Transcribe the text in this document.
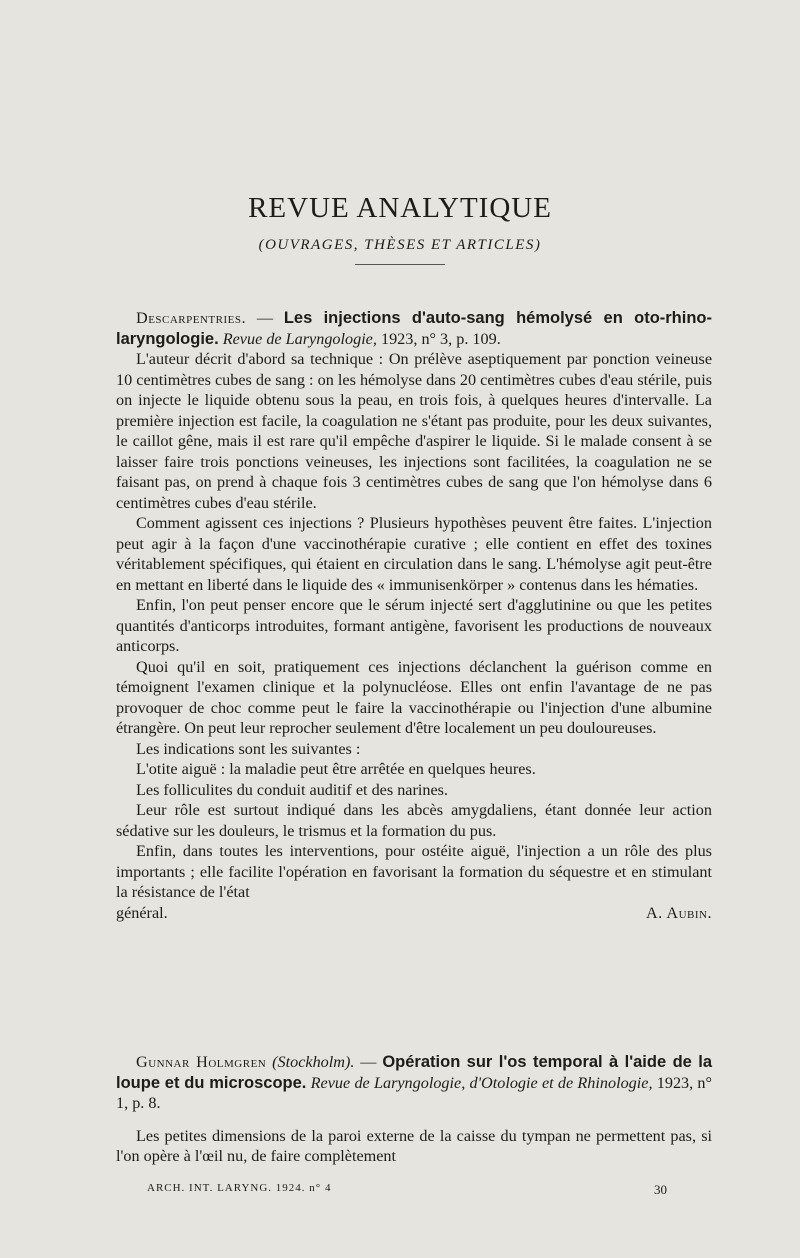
REVUE ANALYTIQUE
(OUVRAGES, THÈSES ET ARTICLES)

Descarpentries. — Les injections d'auto-sang hémolysé en oto-rhino-laryngologie. Revue de Laryngologie, 1923, n° 3, p. 109.

L'auteur décrit d'abord sa technique : On prélève aseptiquement par ponction veineuse 10 centimètres cubes de sang : on les hémolyse dans 20 centimètres cubes d'eau stérile, puis on injecte le liquide obtenu sous la peau, en trois fois, à quelques heures d'intervalle. La première injection est facile, la coagulation ne s'étant pas produite, pour les deux suivantes, le caillot gêne, mais il est rare qu'il empêche d'aspirer le liquide. Si le malade consent à se laisser faire trois ponctions veineuses, les injections sont facilitées, la coagulation ne se faisant pas, on prend à chaque fois 3 centimètres cubes de sang que l'on hémolyse dans 6 centimètres cubes d'eau stérile.

Comment agissent ces injections ? Plusieurs hypothèses peuvent être faites. L'injection peut agir à la façon d'une vaccinothérapie curative ; elle contient en effet des toxines véritablement spécifiques, qui étaient en circulation dans le sang. L'hémolyse agit peut-être en mettant en liberté dans le liquide des « immunisenkörper » contenus dans les hématies.

Enfin, l'on peut penser encore que le sérum injecté sert d'agglutinine ou que les petites quantités d'anticorps introduites, formant antigène, favorisent les productions de nouveaux anticorps.

Quoi qu'il en soit, pratiquement ces injections déclanchent la guérison comme en témoignent l'examen clinique et la polynucléose. Elles ont enfin l'avantage de ne pas provoquer de choc comme peut le faire la vaccinothérapie ou l'injection d'une albumine étrangère. On peut leur reprocher seulement d'être localement un peu douloureuses.

Les indications sont les suivantes :

L'otite aiguë : la maladie peut être arrêtée en quelques heures.

Les folliculites du conduit auditif et des narines.

Leur rôle est surtout indiqué dans les abcès amygdaliens, étant donnée leur action sédative sur les douleurs, le trismus et la formation du pus.

Enfin, dans toutes les interventions, pour ostéite aiguë, l'injection a un rôle des plus importants ; elle facilite l'opération en favorisant la formation du séquestre et en stimulant la résistance de l'état

général.	A. Aubin.

Gunnar Holmgren (Stockholm). — Opération sur l'os temporal à l'aide de la loupe et du microscope. Revue de Laryngologie, d'Otologie et de Rhinologie, 1923, n° 1, p. 8.

Les petites dimensions de la paroi externe de la caisse du tympan ne permettent pas, si l'on opère à l'œil nu, de faire complètement

ARCH. INT. LARYNG. 1924. n° 4	30
